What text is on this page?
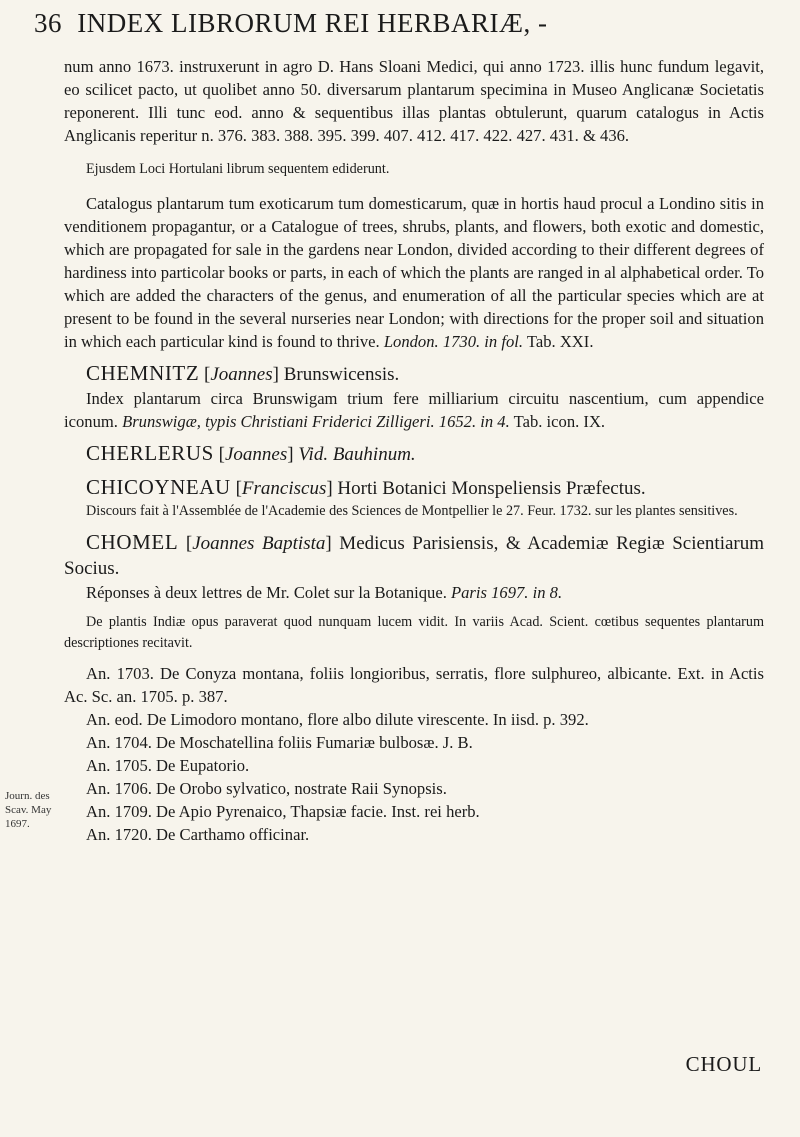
36 INDEX LIBRORUM REI HERBARIÆ, -
Journ. des
Scav. May
1697.

num anno 1673. instruxerunt in agro D. Hans Sloani Medici, qui anno 1723. illis hunc fundum legavit, eo scilicet pacto, ut quolibet anno 50. diversarum plantarum specimina in Museo Anglicanæ Societatis reponerent. Illi tunc eod. anno & sequentibus illas plantas obtulerunt, quarum catalogus in Actis Anglicanis reperitur n. 376. 383. 388. 395. 399. 407. 412. 417. 422. 427. 431. & 436.

Ejusdem Loci Hortulani librum sequentem ediderunt.

Catalogus plantarum tum exoticarum tum domesticarum, quæ in hortis haud procul a Londino sitis in venditionem propagantur, or a Catalogue of trees, shrubs, plants, and flowers, both exotic and domestic, which are propagated for sale in the gardens near London, divided according to their different degrees of hardiness into particolar books or parts, in each of which the plants are ranged in al alphabetical order. To which are added the characters of the genus, and enumeration of all the particular species which are at present to be found in the several nurseries near London; with directions for the proper soil and situation in which each particular kind is found to thrive. London. 1730. in fol. Tab. XXI.

CHEMNITZ [Joannes] Brunswicensis.

Index plantarum circa Brunswigam trium fere milliarium circuitu nascentium, cum appendice iconum. Brunswigæ, typis Christiani Friderici Zilligeri. 1652. in 4. Tab. icon. IX.

CHERLERUS [Joannes] Vid. Bauhinum.

CHICOYNEAU [Franciscus] Horti Botanici Monspeliensis Præfectus.

Discours fait à l'Assemblée de l'Academie des Sciences de Montpellier le 27. Feur. 1732. sur les plantes sensitives.

CHOMEL [Joannes Baptista] Medicus Parisiensis, & Academiæ Regiæ Scientiarum Socius.

Réponses à deux lettres de Mr. Colet sur la Botanique. Paris 1697. in 8.

De plantis Indiæ opus paraverat quod nunquam lucem vidit. In variis Acad. Scient. cœtibus sequentes plantarum descriptiones recitavit.

An. 1703. De Conyza montana, foliis longioribus, serratis, flore sulphureo, albicante. Ext. in Actis Ac. Sc. an. 1705. p. 387.

An. eod. De Limodoro montano, flore albo dilute virescente. In iisd. p. 392.

An. 1704. De Moschatellina foliis Fumariæ bulbosæ. J. B.

An. 1705. De Eupatorio.

An. 1706. De Orobo sylvatico, nostrate Raii Synopsis.

An. 1709. De Apio Pyrenaico, Thapsiæ facie. Inst. rei herb.

An. 1720. De Carthamo officinar.

CHOUL
